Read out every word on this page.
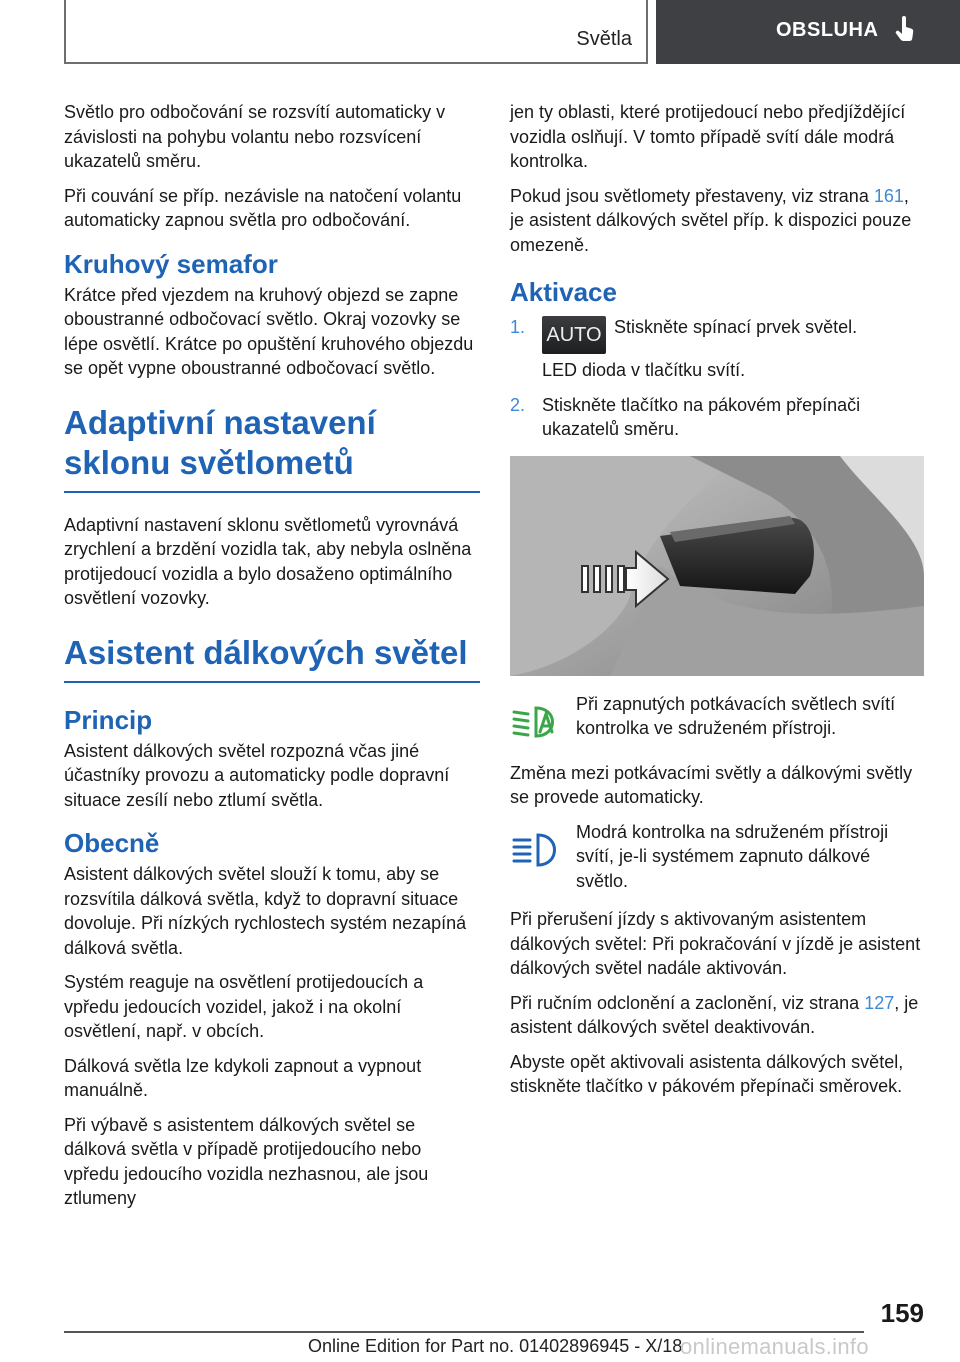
Světla	OBSLUHA

Světlo pro odbočování se rozsvítí automaticky v závislosti na pohybu volantu nebo rozsvícení ukazatelů směru.

Při couvání se příp. nezávisle na natočení volantu automaticky zapnou světla pro odbočování.

Kruhový semafor

Krátce před vjezdem na kruhový objezd se zapne oboustranné odbočovací světlo. Okraj vozovky se lépe osvětlí. Krátce po opuštění kruhového objezdu se opět vypne oboustranné odbočovací světlo.

Adaptivní nastavení sklonu světlometů

Adaptivní nastavení sklonu světlometů vyrovnává zrychlení a brzdění vozidla tak, aby nebyla oslněna protijedoucí vozidla a bylo dosaženo optimálního osvětlení vozovky.

Asistent dálkových světel
Princip

Asistent dálkových světel rozpozná včas jiné účastníky provozu a automaticky podle dopravní situace zesílí nebo ztlumí světla.

Obecně

Asistent dálkových světel slouží k tomu, aby se rozsvítila dálková světla, když to dopravní situace dovoluje. Při nízkých rychlostech systém nezapíná dálková světla.

Systém reaguje na osvětlení protijedoucích a vpředu jedoucích vozidel, jakož i na okolní osvětlení, např. v obcích.

Dálková světla lze kdykoli zapnout a vypnout manuálně.

Při výbavě s asistentem dálkových světel se dálková světla v případě protijedoucího nebo vpředu jedoucího vozidla nezhasnou, ale jsou ztlumeny

jen ty oblasti, které protijedoucí nebo předjíždějící vozidla oslňují. V tomto případě svítí dále modrá kontrolka.

Pokud jsou světlomety přestaveny, viz strana 161, je asistent dálkových světel příp. k dispozici pouze omezeně.

Aktivace
1. AUTO Stiskněte spínací prvek světel.
LED dioda v tlačítku svítí.
2. Stiskněte tlačítko na pákovém přepínači ukazatelů směru.

Při zapnutých potkávacích světlech svítí kontrolka ve sdruženém přístroji.

Změna mezi potkávacími světly a dálkovými světly se provede automaticky.

Modrá kontrolka na sdruženém přístroji svítí, je-li systémem zapnuto dálkové světlo.

Při přerušení jízdy s aktivovaným asistentem dálkových světel: Při pokračování v jízdě je asistent dálkových světel nadále aktivován.

Při ručním odclonění a zaclonění, viz strana 127, je asistent dálkových světel deaktivován.

Abyste opět aktivovali asistenta dálkových světel, stiskněte tlačítko v pákovém přepínači směrovek.

159
Online Edition for Part no. 01402896945 - X/18
onlinemanuals.info
